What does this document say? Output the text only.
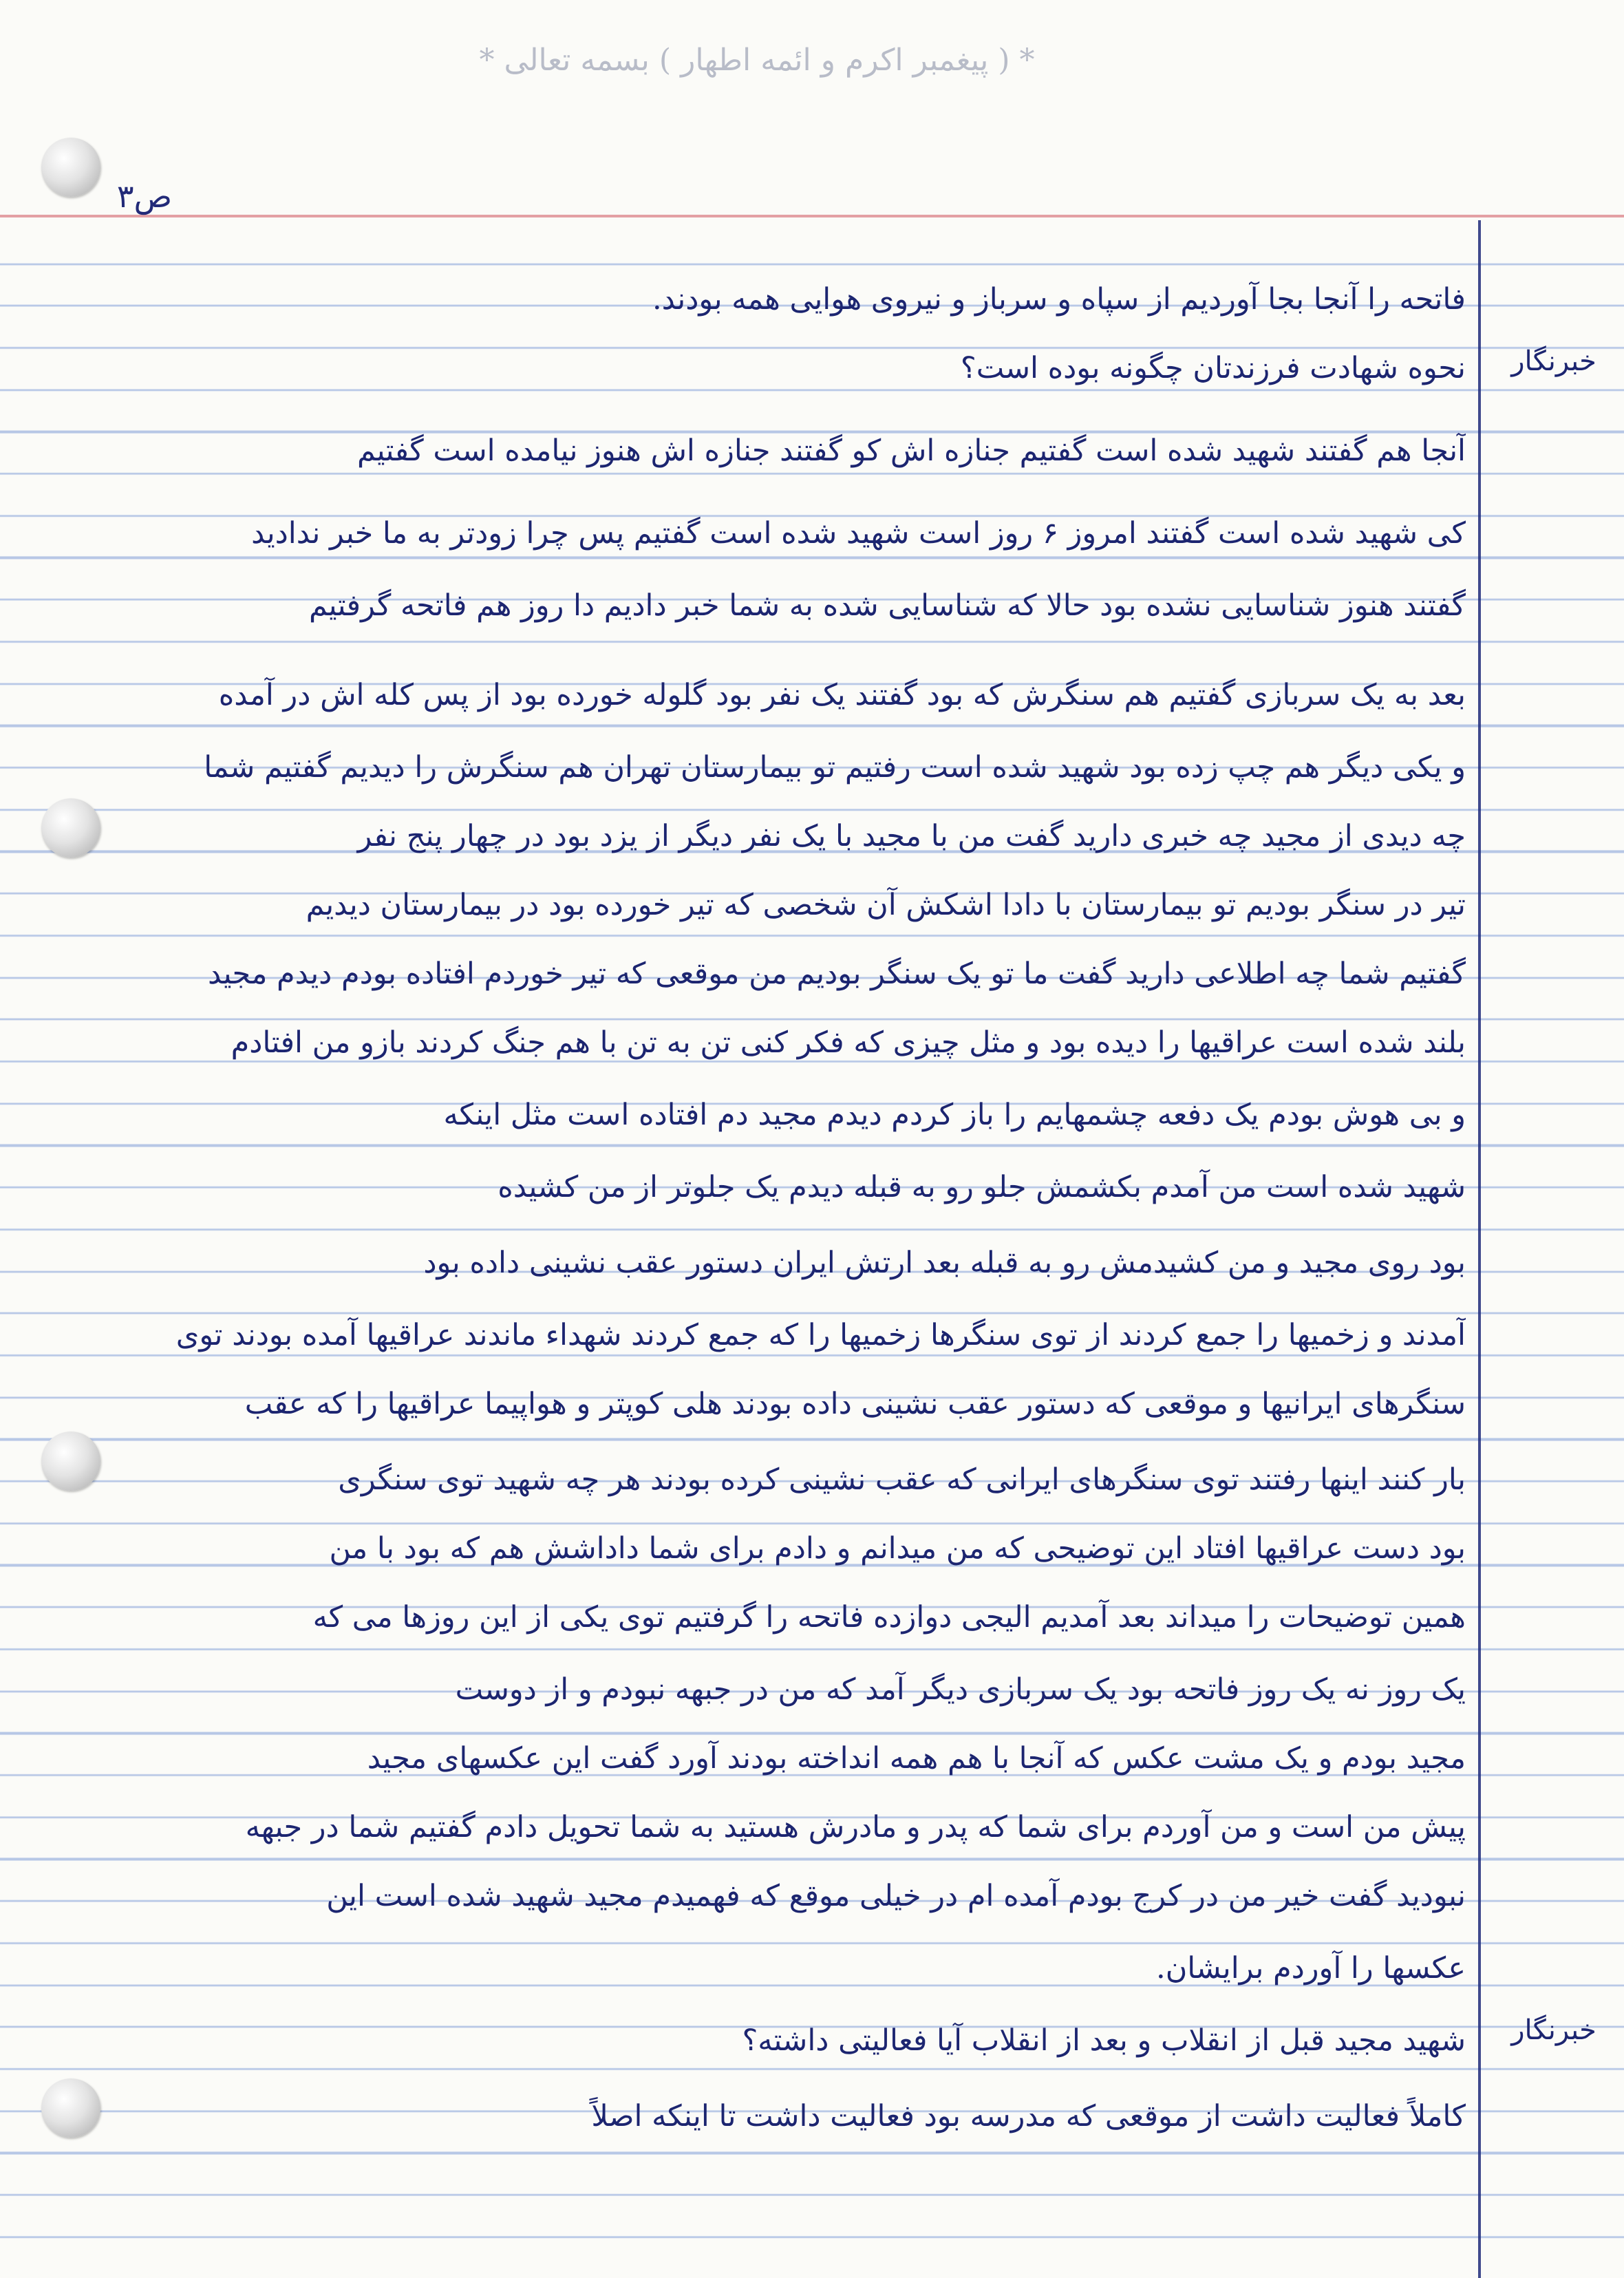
* ( پیغمبر اکرم و ائمه اطهار ) بسمه تعالی *
ص۳
خبرنگار
خبرنگار
فاتحه را آنجا بجا آوردیم از سپاه و سرباز و نیروی هوایی همه بودند.
نحوه شهادت فرزندتان چگونه بوده است؟
آنجا هم گفتند شهید شده است گفتیم جنازه اش کو گفتند جنازه اش هنوز نیامده است گفتیم
کی شهید شده است گفتند امروز ۶ روز است شهید شده است گفتیم پس چرا زودتر به ما خبر ندادید
گفتند هنوز شناسایی نشده بود حالا که شناسایی شده به شما خبر دادیم دا روز هم فاتحه گرفتیم
بعد به یک سربازی گفتیم هم سنگرش که بود گفتند یک نفر بود گلوله خورده بود از پس کله اش در آمده
و یکی دیگر هم چپ زده بود شهید شده است رفتیم تو بیمارستان تهران هم سنگرش را دیدیم گفتیم شما
چه دیدی از مجید چه خبری دارید گفت من با مجید با یک نفر دیگر از یزد بود در چهار پنج نفر
تیر در سنگر بودیم تو بیمارستان با دادا اشکش آن شخصی که تیر خورده بود در بیمارستان دیدیم
گفتیم شما چه اطلاعی دارید گفت ما تو یک سنگر بودیم من موقعی که تیر خوردم افتاده بودم دیدم مجید
بلند شده است عراقیها را دیده بود و مثل چیزی که فکر کنی تن به تن با هم جنگ کردند بازو من افتادم
و بی هوش بودم یک دفعه چشمهایم را باز کردم دیدم مجید دم افتاده است مثل اینکه
شهید شده است من آمدم بکشمش جلو رو به قبله دیدم یک جلوتر از من کشیده
بود روی مجید و من کشیدمش رو به قبله بعد ارتش ایران دستور عقب نشینی داده بود
آمدند و زخمیها را جمع کردند از توی سنگرها زخمیها را که جمع کردند شهداء ماندند عراقیها آمده بودند توی
سنگرهای ایرانیها و موقعی که دستور عقب نشینی داده بودند هلی کوپتر و هواپیما عراقیها را که عقب
بار کنند اینها رفتند توی سنگرهای ایرانی که عقب نشینی کرده بودند هر چه شهید توی سنگری
بود دست عراقیها افتاد این توضیحی که من میدانم و دادم برای شما داداشش هم که بود با من
همین توضیحات را میداند بعد آمدیم الیجی دوازده فاتحه را گرفتیم توی یکی از این روزها می که
یک روز نه یک روز فاتحه بود یک سربازی دیگر آمد که من در جبهه نبودم و از دوست
مجید بودم و یک مشت عکس که آنجا با هم همه انداخته بودند آورد گفت این عکسهای مجید
پیش من است و من آوردم برای شما که پدر و مادرش هستید به شما تحویل دادم گفتیم شما در جبهه
نبودید گفت خیر من در کرج بودم آمده ام در خیلی موقع که فهمیدم مجید شهید شده است این
عکسها را آوردم برایشان.
شهید مجید قبل از انقلاب و بعد از انقلاب آیا فعالیتی داشته؟
کاملاً فعالیت داشت از موقعی که مدرسه بود فعالیت داشت تا اینکه اصلاً
